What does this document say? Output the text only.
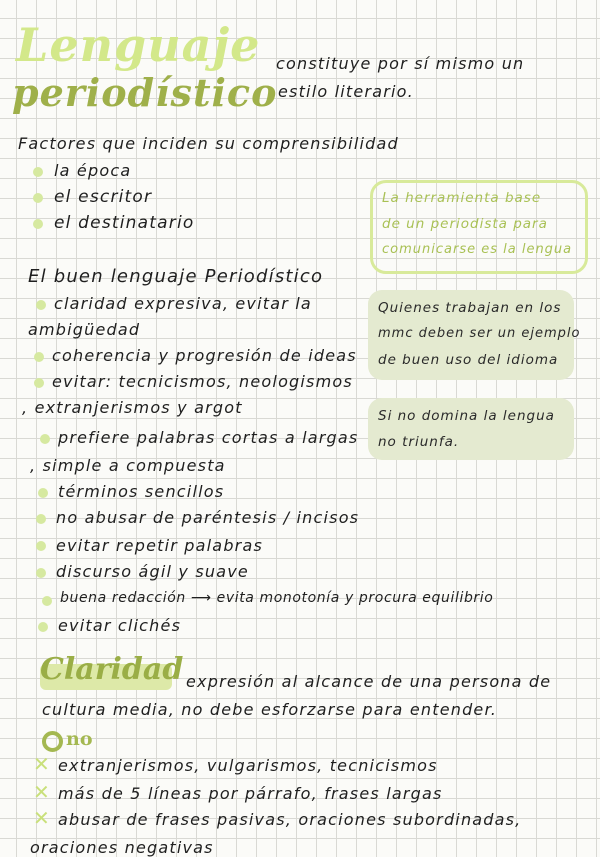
Lenguaje
periodístico
constituye por sí mismo un
estilo literario.
Factores que inciden su comprensibilidad
la época
el escritor
el destinatario
La herramienta base
de un periodista para
comunicarse es la lengua
Quienes trabajan en los
mmc deben ser un ejemplo
de buen uso del idioma
Si no domina la lengua
no triunfa.
El buen lenguaje Periodístico
claridad expresiva, evitar la
ambigüedad
coherencia y progresión de ideas
evitar: tecnicismos, neologismos
, extranjerismos y argot
prefiere palabras cortas a largas
, simple a compuesta
términos sencillos
no abusar de paréntesis / incisos
evitar repetir palabras
discurso ágil y suave
buena redacción ⟶ evita monotonía y procura equilibrio
evitar clichés
Claridad expresión al alcance de una persona de
cultura media, no debe esforzarse para entender.
no
✕ extranjerismos, vulgarismos, tecnicismos
✕ más de 5 líneas por párrafo, frases largas
✕ abusar de frases pasivas, oraciones subordinadas,
oraciones negativas
